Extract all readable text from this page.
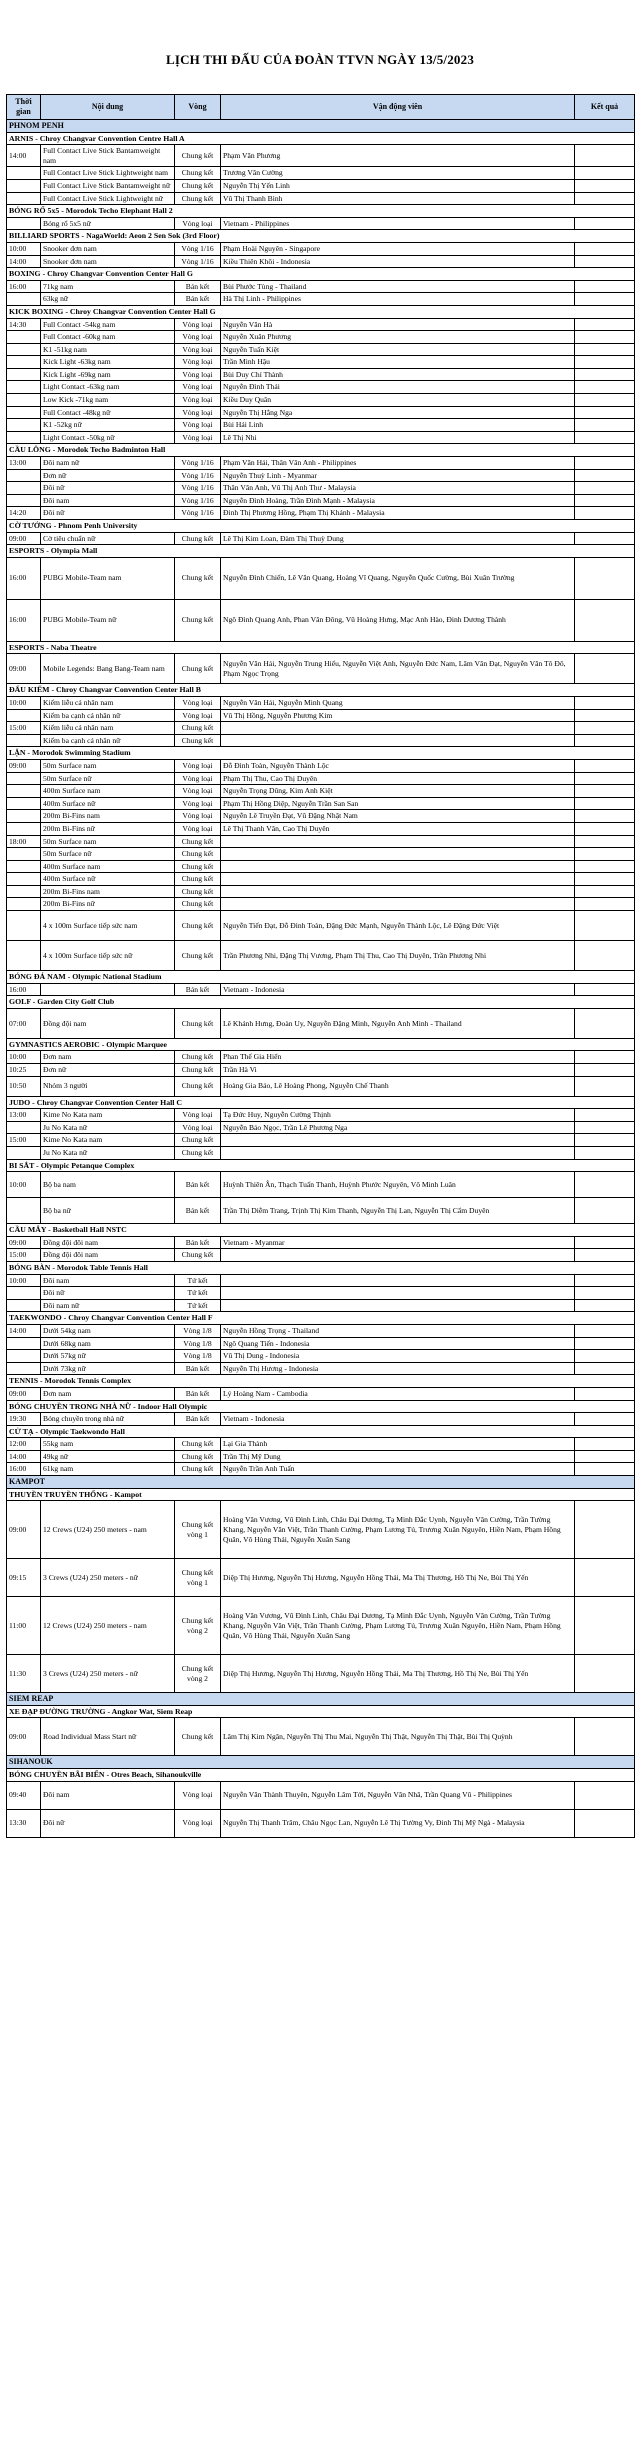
LỊCH THI ĐẤU CỦA ĐOÀN TTVN NGÀY 13/5/2023
Thời gian	Nội dung	Vòng	Vận động viên	Kết quả
PHNOM PENH				
ARNIS - Chroy Changvar Convention Centre Hall A				
14:00	Full Contact Live Stick Bantamweight nam	Chung kết	Phạm Văn Phương	
	Full Contact Live Stick Lightweight nam	Chung kết	Trương Văn Cường	
	Full Contact Live Stick Bantamweight nữ	Chung kết	Nguyễn Thị Yến Linh	
	Full Contact Live Stick Lightweight nữ	Chung kết	Vũ Thị Thanh Bình	
BÓNG RỔ 5x5 - Morodok Techo Elephant Hall 2				
	Bóng rổ 5x5 nữ	Vòng loại	Vietnam - Philippines	
BILLIARD SPORTS - NagaWorld: Aeon 2 Sen Sok (3rd Floor)				
10:00	Snooker đơn nam	Vòng 1/16	Phạm Hoài Nguyên - Singapore	
14:00	Snooker đơn nam	Vòng 1/16	Kiều Thiên Khôi - Indonesia	
BOXING - Chroy Changvar Convention Center Hall G				
16:00	71kg nam	Bán kết	Bùi Phước Tùng - Thailand	
	63kg nữ	Bán kết	Hà Thị Linh - Philippines	
KICK BOXING - Chroy Changvar Convention Center Hall G				
14:30	Full Contact -54kg nam	Vòng loại	Nguyễn Văn Hà	
	Full Contact -60kg nam	Vòng loại	Nguyễn Xuân Phương	
	K1 -51kg nam	Vòng loại	Nguyễn Tuấn Kiệt	
	Kick Light -63kg nam	Vòng loại	Trần Minh Hậu	
	Kick Light -69kg nam	Vòng loại	Bùi Duy Chí Thành	
	Light Contact -63kg nam	Vòng loại	Nguyễn Đình Thái	
	Low Kick -71kg nam	Vòng loại	Kiều Duy Quân	
	Full Contact -48kg nữ	Vòng loại	Nguyễn Thị Hằng Nga	
	K1 -52kg nữ	Vòng loại	Bùi Hải Linh	
	Light Contact -50kg nữ	Vòng loại	Lê Thị Nhi	
CẦU LÔNG - Morodok Techo Badminton Hall				
13:00	Đôi nam nữ	Vòng 1/16	Phạm Văn Hải, Thân Vân Anh - Philippines	
	Đơn nữ	Vòng 1/16	Nguyễn Thuỳ Linh - Myanmar	
	Đôi nữ	Vòng 1/16	Thân Vân Anh, Vũ Thị Anh Thư - Malaysia	
	Đôi nam	Vòng 1/16	Nguyễn Đình Hoàng, Trần Đình Mạnh - Malaysia	
14:20	Đôi nữ	Vòng 1/16	Đinh Thị Phương Hồng, Phạm Thị Khánh - Malaysia	
CỜ TƯỚNG - Phnom Penh University				
09:00	Cờ tiêu chuẩn nữ	Chung kết	Lê Thị Kim Loan, Đàm Thị Thuỳ Dung	
ESPORTS - Olympia Mall				
16:00	PUBG Mobile-Team nam	Chung kết	Nguyễn Đình Chiến, Lê Văn Quang, Hoàng Vĩ Quang, Nguyễn Quốc Cường, Bùi Xuân Trường	
16:00	PUBG Mobile-Team nữ	Chung kết	Ngô Đình Quang Anh, Phan Văn Đông, Vũ Hoàng Hưng, Mạc Anh Hào, Đinh Dương Thành	
ESPORTS - Naba Theatre				
09:00	Mobile Legends: Bang Bang-Team nam	Chung kết	Nguyễn Văn Hải, Nguyễn Trung Hiếu, Nguyễn Việt Anh, Nguyễn Đức Nam, Lâm Văn Đạt, Nguyễn Văn Tô Đô, Phạm Ngọc Trọng	
ĐẤU KIẾM - Chroy Changvar Convention Center Hall B				
10:00	Kiếm liễu cá nhân nam	Vòng loại	Nguyễn Văn Hải, Nguyễn Minh Quang	
	Kiếm ba cạnh cá nhân nữ	Vòng loại	Vũ Thị Hồng, Nguyễn Phương Kim	
15:00	Kiếm liễu cá nhân nam	Chung kết		
	Kiếm ba cạnh cá nhân nữ	Chung kết		
LẶN - Morodok Swimming Stadium				
09:00	50m Surface nam	Vòng loại	Đỗ Đình Toàn, Nguyễn Thành Lộc	
	50m Surface nữ	Vòng loại	Phạm Thị Thu, Cao Thị Duyên	
	400m Surface nam	Vòng loại	Nguyễn Trọng Dũng, Kim Anh Kiệt	
	400m Surface nữ	Vòng loại	Phạm Thị Hồng Diệp, Nguyễn Trần San San	
	200m Bi-Fins nam	Vòng loại	Nguyễn Lê Truyền Đạt, Vũ Đặng Nhật Nam	
	200m Bi-Fins nữ	Vòng loại	Lê Thị Thanh Vân, Cao Thị Duyên	
18:00	50m Surface nam	Chung kết		
	50m Surface nữ	Chung kết		
	400m Surface nam	Chung kết		
	400m Surface nữ	Chung kết		
	200m Bi-Fins nam	Chung kết		
	200m Bi-Fins nữ	Chung kết		
	4 x 100m Surface tiếp sức nam	Chung kết	Nguyễn Tiến Đạt, Đỗ Đình Toàn, Đặng Đức Mạnh, Nguyễn Thành Lộc, Lê Đặng Đức Việt	
	4 x 100m Surface tiếp sức nữ	Chung kết	Trần Phương Nhi, Đặng Thị Vương, Phạm Thị Thu, Cao Thị Duyên, Trần Phương Nhi	
BÓNG ĐÁ NAM - Olympic National Stadium				
16:00		Bán kết	Vietnam - Indonesia	
GOLF - Garden City Golf Club				
07:00	Đồng đội nam	Chung kết	Lê Khánh Hưng, Đoàn Uy, Nguyễn Đặng Minh, Nguyễn Anh Minh - Thailand	
GYMNASTICS AEROBIC - Olympic Marquee				
10:00	Đơn nam	Chung kết	Phan Thế Gia Hiển	
10:25	Đơn nữ	Chung kết	Trần Hà Vi	
10:50	Nhóm 3 người	Chung kết	Hoàng Gia Bảo, Lê Hoàng Phong, Nguyễn Chế Thanh	
JUDO - Chroy Changvar Convention Center Hall C				
13:00	Kime No Kata nam	Vòng loại	Tạ Đức Huy, Nguyễn Cường Thịnh	
	Ju No Kata nữ	Vòng loại	Nguyễn Bảo Ngọc, Trần Lê Phương Nga	
15:00	Kime No Kata nam	Chung kết		
	Ju No Kata nữ	Chung kết		
BI SẮT - Olympic Petanque Complex				
10:00	Bộ ba nam	Bán kết	Huỳnh Thiên Ân, Thạch Tuấn Thanh, Huỳnh Phước Nguyên, Võ Minh Luân	
	Bộ ba nữ	Bán kết	Trần Thị Diễm Trang, Trịnh Thị Kim Thanh, Nguyễn Thị Lan, Nguyễn Thị Cẩm Duyên	
CẦU MÂY - Basketball Hall NSTC				
09:00	Đồng đội đôi nam	Bán kết	Vietnam - Myanmar	
15:00	Đồng đội đôi nam	Chung kết		
BÓNG BÀN - Morodok Table Tennis Hall				
10:00	Đôi nam	Tứ kết		
	Đôi nữ	Tứ kết		
	Đôi nam nữ	Tứ kết		
TAEKWONDO - Chroy Changvar Convention Center Hall F				
14:00	Dưới 54kg nam	Vòng 1/8	Nguyễn Hồng Trọng - Thailand	
	Dưới 68kg nam	Vòng 1/8	Ngô Quang Tiến - Indonesia	
	Dưới 57kg nữ	Vòng 1/8	Vũ Thị Dung - Indonesia	
	Dưới 73kg nữ	Bán kết	Nguyễn Thị Hương - Indonesia	
TENNIS - Morodok Tennis Complex				
09:00	Đơn nam	Bán kết	Lý Hoàng Nam - Cambodia	
BÓNG CHUYỀN TRONG NHÀ NỮ - Indoor Hall Olympic				
19:30	Bóng chuyền trong nhà nữ	Bán kết	Vietnam - Indonesia	
CỬ TẠ - Olympic Taekwondo Hall				
12:00	55kg nam	Chung kết	Lại Gia Thành	
14:00	49kg nữ	Chung kết	Trần Thị Mỹ Dung	
16:00	61kg nam	Chung kết	Nguyễn Trần Anh Tuấn	
KAMPOT				
THUYỀN TRUYỀN THỐNG - Kampot				
09:00	12 Crews (U24) 250 meters - nam	Chung kết vòng 1	Hoàng Văn Vương, Vũ Đình Linh, Châu Đại Dương, Tạ Minh Đắc Uynh, Nguyễn Văn Cường, Trần Tường Khang, Nguyễn Văn Việt, Trần Thanh Cường, Phạm Lương Tú, Trương Xuân Nguyên, Hiền Nam, Phạm Hồng Quân, Võ Hùng Thái, Nguyễn Xuân Sang	
09:15	3 Crews (U24) 250 meters - nữ	Chung kết vòng 1	Diệp Thị Hương, Nguyễn Thị Hương, Nguyễn Hồng Thái, Ma Thị Thương, Hồ Thị Ne, Bùi Thị Yến	
11:00	12 Crews (U24) 250 meters - nam	Chung kết vòng 2	Hoàng Văn Vương, Vũ Đình Linh, Châu Đại Dương, Tạ Minh Đắc Uynh, Nguyễn Văn Cường, Trần Tường Khang, Nguyễn Văn Việt, Trần Thanh Cường, Phạm Lương Tú, Trương Xuân Nguyên, Hiền Nam, Phạm Hồng Quân, Võ Hùng Thái, Nguyễn Xuân Sang	
11:30	3 Crews (U24) 250 meters - nữ	Chung kết vòng 2	Diệp Thị Hương, Nguyễn Thị Hương, Nguyễn Hồng Thái, Ma Thị Thương, Hồ Thị Ne, Bùi Thị Yến	
SIEM REAP				
XE ĐẠP ĐƯỜNG TRƯỜNG - Angkor Wat, Siem Reap				
09:00	Road Individual Mass Start nữ	Chung kết	Lâm Thị Kim Ngân, Nguyễn Thị Thu Mai, Nguyễn Thị Thật, Nguyễn Thị Thật, Bùi Thị Quỳnh	
SIHANOUK				
BÓNG CHUYỀN BÃI BIỂN - Otres Beach, Sihanoukville				
09:40	Đôi nam	Vòng loại	Nguyễn Văn Thành Thuyên, Nguyễn Lâm Tới, Nguyễn Văn Nhã, Trần Quang Vũ - Philippines	
13:30	Đôi nữ	Vòng loại	Nguyễn Thị Thanh Trâm, Châu Ngọc Lan, Nguyễn Lê Thị Tường Vy, Đinh Thị Mỹ Ngà - Malaysia	
